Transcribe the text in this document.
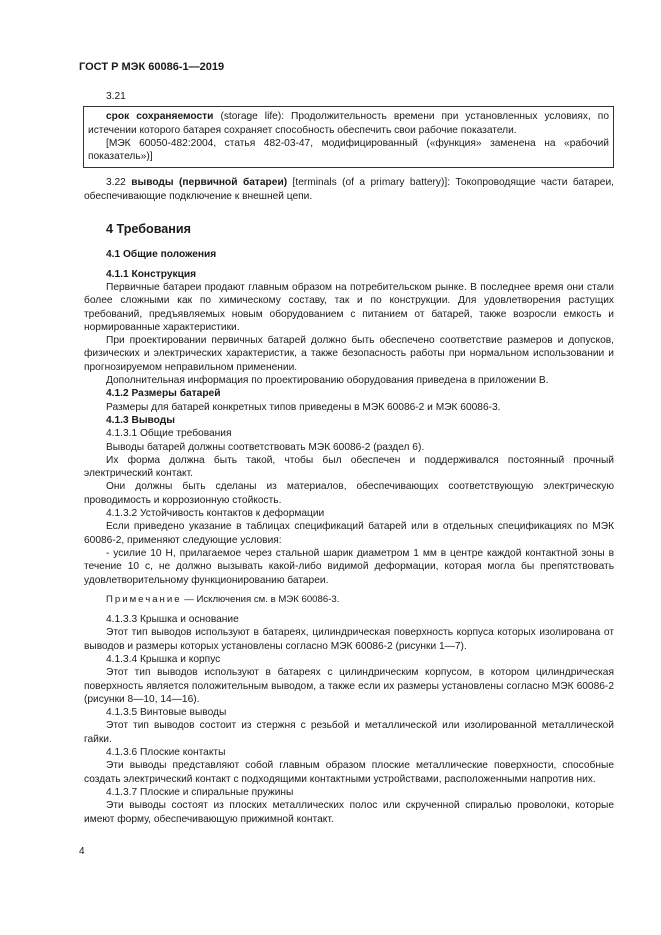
ГОСТ Р МЭК 60086-1—2019

3.21

срок сохраняемости (storage life): Продолжительность времени при установленных условиях, по истечении которого батарея сохраняет способность обеспечить свои рабочие показатели.

[МЭК 60050-482:2004, статья 482-03-47, модифицированный («функция» заменена на «рабочий показатель»)]

3.22 выводы (первичной батареи) [terminals (of a primary battery)]: Токопроводящие части батареи, обеспечивающие подключение к внешней цепи.

4 Требования

4.1 Общие положения

4.1.1 Конструкция

Первичные батареи продают главным образом на потребительском рынке. В последнее время они стали более сложными как по химическому составу, так и по конструкции. Для удовлетворения растущих требований, предъявляемых новым оборудованием с питанием от батарей, также возросли емкость и нормированные характеристики.

При проектировании первичных батарей должно быть обеспечено соответствие размеров и допусков, физических и электрических характеристик, а также безопасность работы при нормальном использовании и прогнозируемом неправильном применении.

Дополнительная информация по проектированию оборудования приведена в приложении В.

4.1.2 Размеры батарей

Размеры для батарей конкретных типов приведены в МЭК 60086-2 и МЭК 60086-3.

4.1.3 Выводы

4.1.3.1 Общие требования

Выводы батарей должны соответствовать МЭК 60086-2 (раздел 6).

Их форма должна быть такой, чтобы был обеспечен и поддерживался постоянный прочный электрический контакт.

Они должны быть сделаны из материалов, обеспечивающих соответствующую электрическую проводимость и коррозионную стойкость.

4.1.3.2 Устойчивость контактов к деформации

Если приведено указание в таблицах спецификаций батарей или в отдельных спецификациях по МЭК 60086-2, применяют следующие условия:

- усилие 10 Н, прилагаемое через стальной шарик диаметром 1 мм в центре каждой контактной зоны в течение 10 с, не должно вызывать какой-либо видимой деформации, которая могла бы препятствовать удовлетворительному функционированию батареи.

Примечание — Исключения см. в МЭК 60086-3.

4.1.3.3 Крышка и основание

Этот тип выводов используют в батареях, цилиндрическая поверхность корпуса которых изолирована от выводов и размеры которых установлены согласно МЭК 60086-2 (рисунки 1—7).

4.1.3.4 Крышка и корпус

Этот тип выводов используют в батареях с цилиндрическим корпусом, в котором цилиндрическая поверхность является положительным выводом, а также если их размеры установлены согласно МЭК 60086-2 (рисунки 8—10, 14—16).

4.1.3.5 Винтовые выводы

Этот тип выводов состоит из стержня с резьбой и металлической или изолированной металлической гайки.

4.1.3.6 Плоские контакты

Эти выводы представляют собой главным образом плоские металлические поверхности, способные создать электрический контакт с подходящими контактными устройствами, расположенными напротив них.

4.1.3.7 Плоские и спиральные пружины

Эти выводы состоят из плоских металлических полос или скрученной спиралью проволоки, которые имеют форму, обеспечивающую прижимной контакт.

4
